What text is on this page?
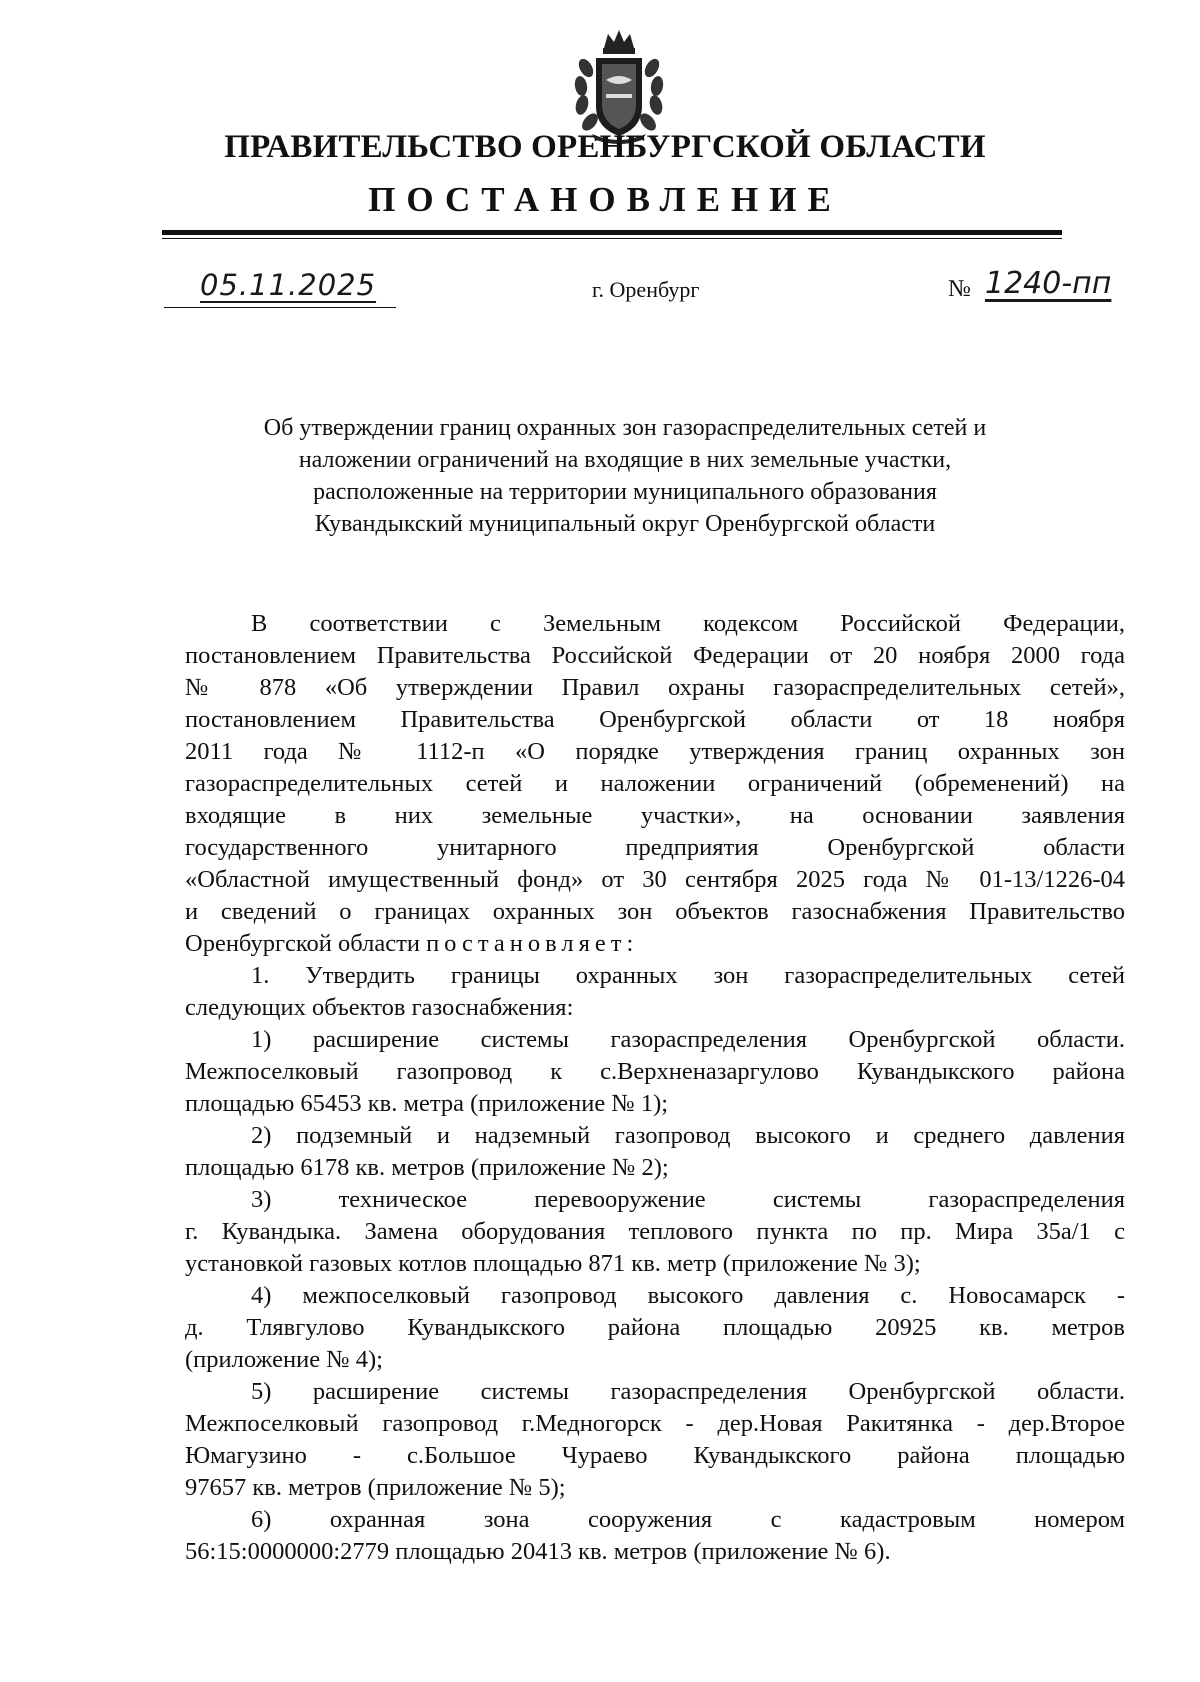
ПРАВИТЕЛЬСТВО ОРЕНБУРГСКОЙ ОБЛАСТИ
ПОСТАНОВЛЕНИЕ
05.11.2025	г. Оренбург	№ 1240-пп
Об утверждении границ охранных зон газораспределительных сетей и
наложении ограничений на входящие в них земельные участки,
расположенные на территории муниципального образования
Кувандыкский муниципальный округ Оренбургской области
В соответствии с Земельным кодексом Российской Федерации,
постановлением Правительства Российской Федерации от 20 ноября 2000 года
№ 878 «Об утверждении Правил охраны газораспределительных сетей»,
постановлением Правительства Оренбургской области от 18 ноября
2011 года № 1112-п «О порядке утверждения границ охранных зон
газораспределительных сетей и наложении ограничений (обременений) на
входящие в них земельные участки», на основании заявления
государственного унитарного предприятия Оренбургской области
«Областной имущественный фонд» от 30 сентября 2025 года № 01-13/1226-04
и сведений о границах охранных зон объектов газоснабжения Правительство
Оренбургской области постановляет:
1. Утвердить границы охранных зон газораспределительных сетей
следующих объектов газоснабжения:
1) расширение системы газораспределения Оренбургской области.
Межпоселковый газопровод к с.Верхненазаргулово Кувандыкского района
площадью 65453 кв. метра (приложение № 1);
2) подземный и надземный газопровод высокого и среднего давления
площадью 6178 кв. метров (приложение № 2);
3) техническое перевооружение системы газораспределения
г. Кувандыка. Замена оборудования теплового пункта по пр. Мира 35а/1 с
установкой газовых котлов площадью 871 кв. метр (приложение № 3);
4) межпоселковый газопровод высокого давления с. Новосамарск -
д. Тлявгулово Кувандыкского района площадью 20925 кв. метров
(приложение № 4);
5) расширение системы газораспределения Оренбургской области.
Межпоселковый газопровод г.Медногорск - дер.Новая Ракитянка - дер.Второе
Юмагузино - с.Большое Чураево Кувандыкского района площадью
97657 кв. метров (приложение № 5);
6) охранная зона сооружения с кадастровым номером
56:15:0000000:2779 площадью 20413 кв. метров (приложение № 6).
